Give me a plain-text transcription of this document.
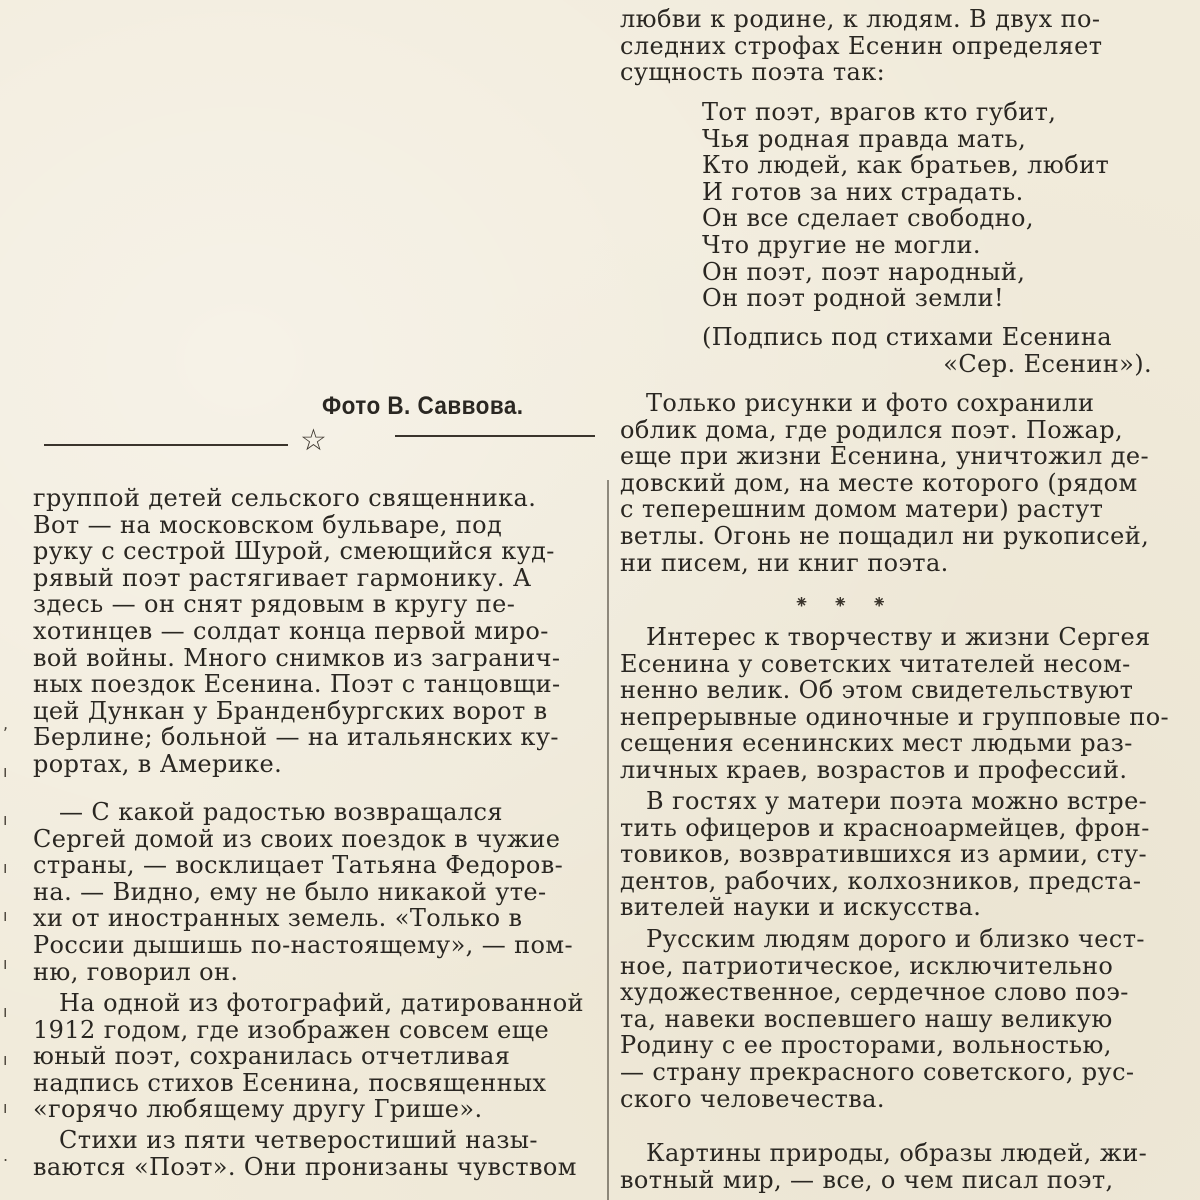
любви к родине, к людям. В двух по-
следних строфах Есенин определяет
сущность поэта так:

Тот поэт, врагов кто губит,
Чья родная правда мать,
Кто людей, как братьев, любит
И готов за них страдать.
Он все сделает свободно,
Что другие не могли.
Он поэт, поэт народный,
Он поэт родной земли!

(Подпись под стихами Есенина
«Сер. Есенин»).
Фото В. Саввова.
☆

группой детей сельского священника.
Вот — на московском бульваре, под
руку с сестрой Шурой, смеющийся куд-
рявый поэт растягивает гармонику. А
здесь — он снят рядовым в кругу пе-
хотинцев — солдат конца первой миро-
вой войны. Много снимков из загранич-
ных поездок Есенина. Поэт с танцовщи-
цей Дункан у Бранденбургских ворот в
Берлине; больной — на итальянских ку-
рортах, в Америке.

— С какой радостью возвращался
Сергей домой из своих поездок в чужие
страны, — восклицает Татьяна Федоров-
на. — Видно, ему не было никакой уте-
хи от иностранных земель. «Только в
России дышишь по-настоящему», — пом-
ню, говорил он.

На одной из фотографий, датированной
1912 годом, где изображен совсем еще
юный поэт, сохранилась отчетливая
надпись стихов Есенина, посвященных
«горячо любящему другу Грише».

Стихи из пяти четверостиший назы-
ваются «Поэт». Они пронизаны чувством

Только рисунки и фото сохранили
облик дома, где родился поэт. Пожар,
еще при жизни Есенина, уничтожил де-
довский дом, на месте которого (рядом
с теперешним домом матери) растут
ветлы. Огонь не пощадил ни рукописей,
ни писем, ни книг поэта.

⁕ ⁕ ⁕

Интерес к творчеству и жизни Сергея
Есенина у советских читателей несом-
ненно велик. Об этом свидетельствуют
непрерывные одиночные и групповые по-
сещения есенинских мест людьми раз-
личных краев, возрастов и профессий.

В гостях у матери поэта можно встре-
тить офицеров и красноармейцев, фрон-
товиков, возвратившихся из армии, сту-
дентов, рабочих, колхозников, предста-
вителей науки и искусства.

Русским людям дорого и близко чест-
ное, патриотическое, исключительно
художественное, сердечное слово поэ-
та, навеки воспевшего нашу великую
Родину с ее просторами, вольностью,
— страну прекрасного советского, рус-
ского человечества.

Картины природы, образы людей, жи-
вотный мир, — все, о чем писал поэт,

,
ı
ı
ı
ı
ı
ı
ı
ı
.
